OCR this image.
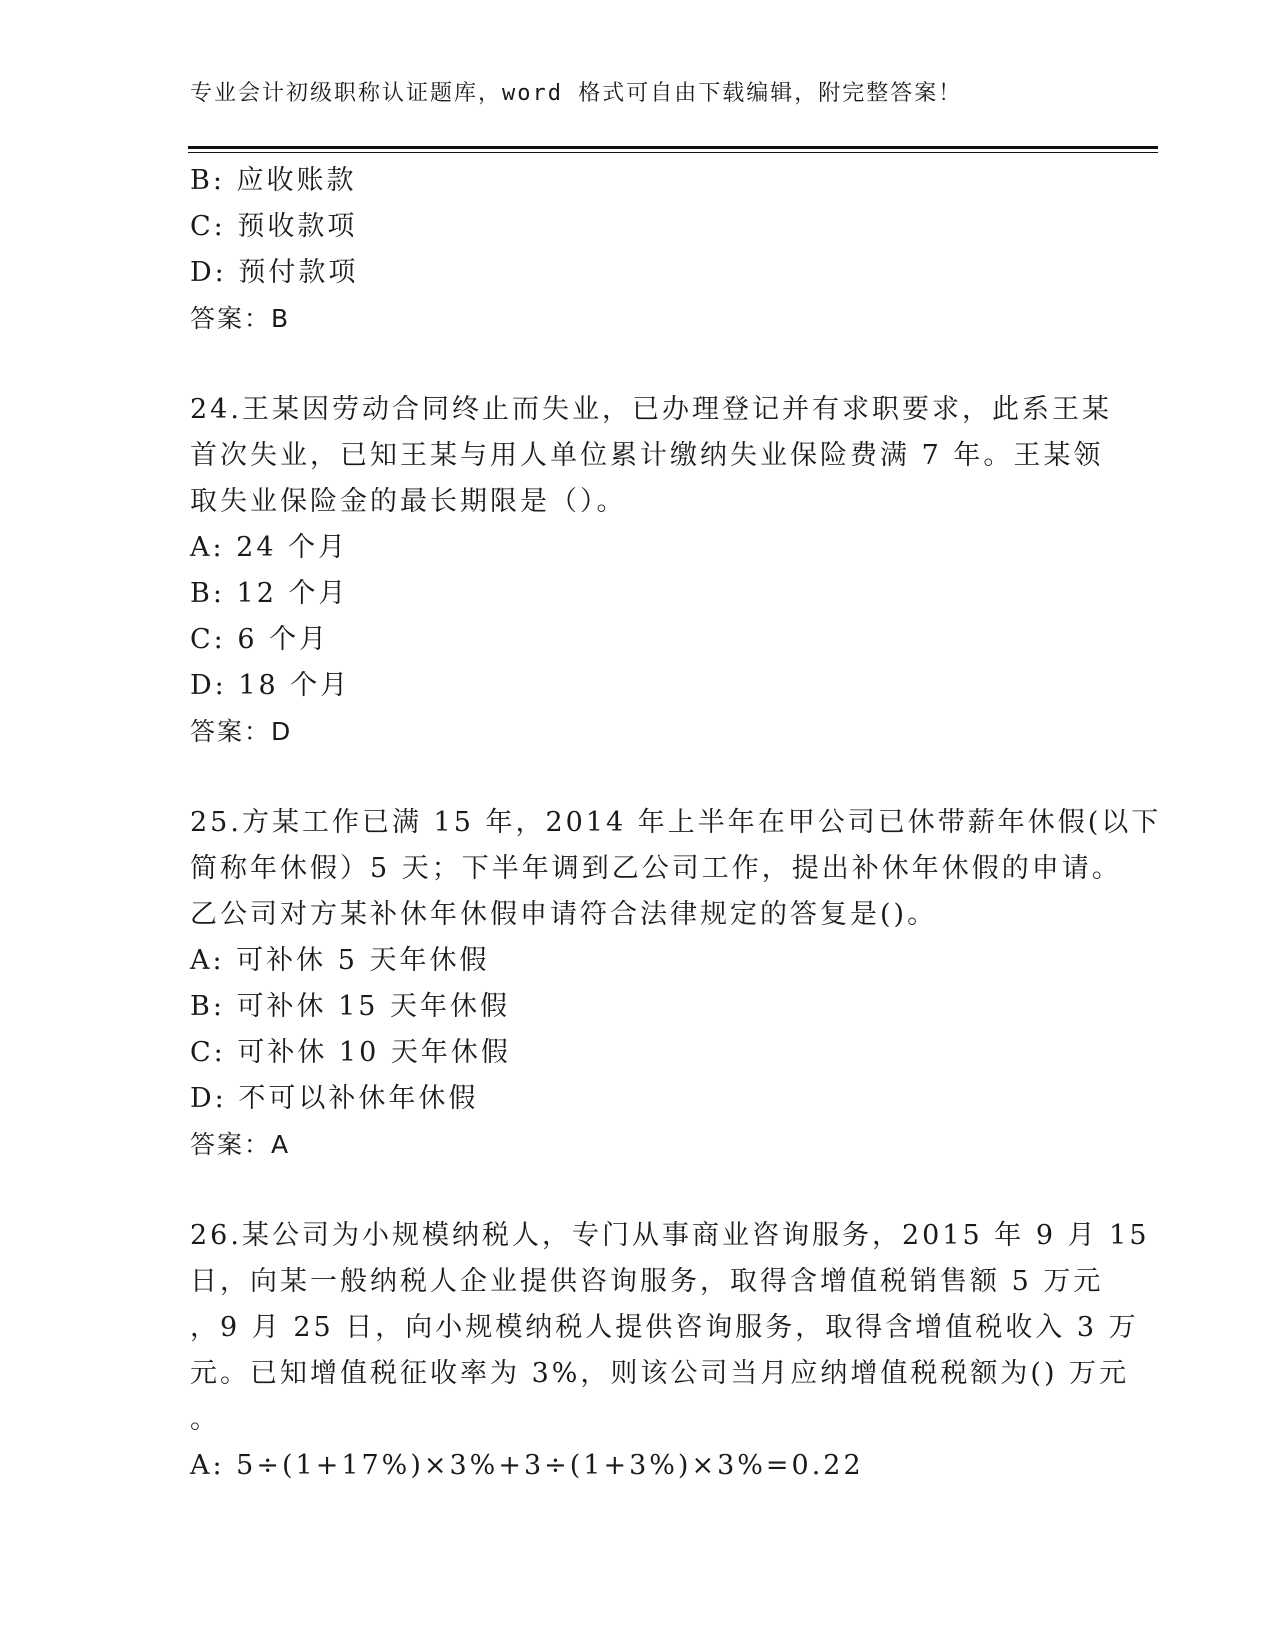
专业会计初级职称认证题库，word 格式可自由下载编辑，附完整答案！
B: 应收账款
C: 预收款项
D: 预付款项
答案：B
24.王某因劳动合同终止而失业，已办理登记并有求职要求，此系王某
首次失业，已知王某与用人单位累计缴纳失业保险费满 7 年。王某领
取失业保险金的最长期限是（）。
A: 24 个月
B: 12 个月
C: 6 个月
D: 18 个月
答案：D
25.方某工作已满 15 年，2014 年上半年在甲公司已休带薪年休假(以下
简称年休假）5 天；下半年调到乙公司工作，提出补休年休假的申请。
乙公司对方某补休年休假申请符合法律规定的答复是()。
A: 可补休 5 天年休假
B: 可补休 15 天年休假
C: 可补休 10 天年休假
D: 不可以补休年休假
答案：A
26.某公司为小规模纳税人，专门从事商业咨询服务，2015 年 9 月 15
日，向某一般纳税人企业提供咨询服务，取得含增值税销售额 5 万元
，9 月 25 日，向小规模纳税人提供咨询服务，取得含增值税收入 3 万
元。已知增值税征收率为 3%，则该公司当月应纳增值税税额为() 万元
。
A: 5÷(1+17%)×3%+3÷(1+3%)×3%=0.22
